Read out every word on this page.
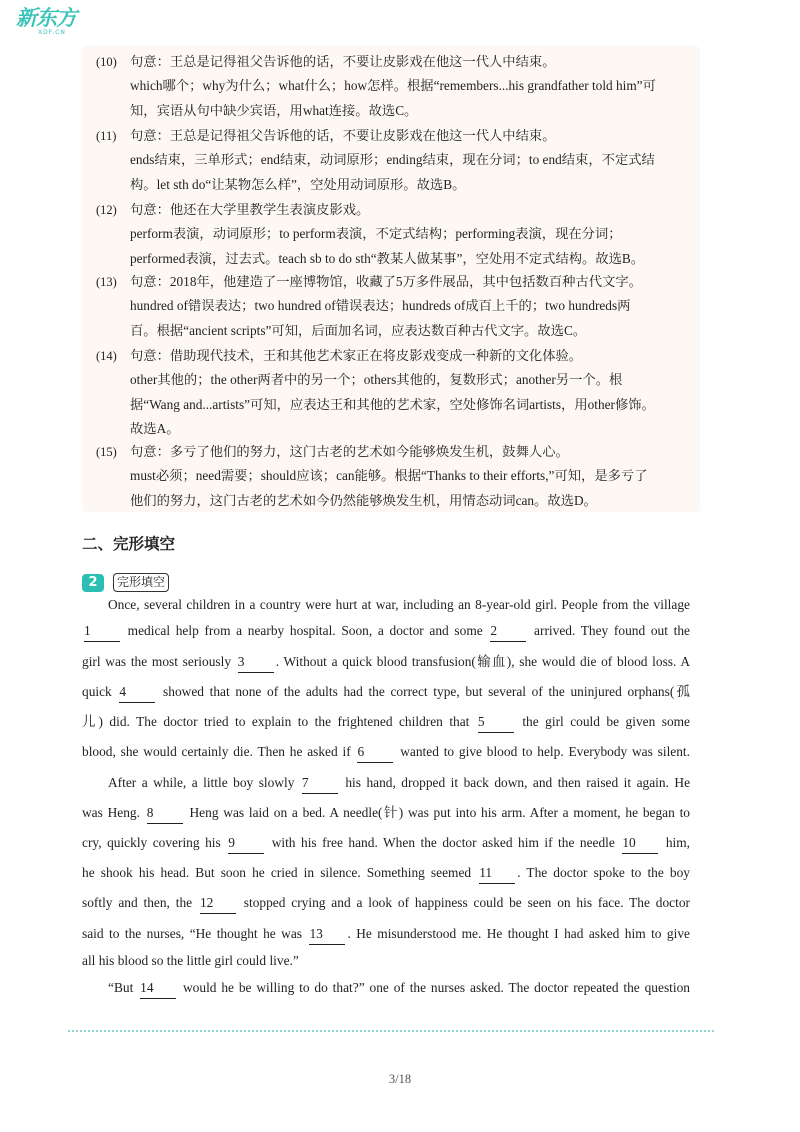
新东方
XDF.CN
(10) 句意：王总是记得祖父告诉他的话，不要让皮影戏在他这一代人中结束。
which哪个；why为什么；what什么；how怎样。根据“remembers...his grandfather told him”可
知，宾语从句中缺少宾语，用what连接。故选C。
(11)	句意：王总是记得祖父告诉他的话，不要让皮影戏在他这一代人中结束。
ends结束，三单形式；end结束，动词原形；ending结束，现在分词；to end结束，不定式结
构。let sth do“让某物怎么样”，空处用动词原形。故选B。
(12) 句意：他还在大学里教学生表演皮影戏。
perform表演，动词原形；to perform表演，不定式结构；performing表演，现在分词；
performed表演，过去式。teach sb to do sth“教某人做某事”，空处用不定式结构。故选B。
(13) 句意：2018年，他建造了一座博物馆，收藏了5万多件展品，其中包括数百种古代文字。
hundred of错误表达；two hundred of错误表达；hundreds of成百上千的；two hundreds两
百。根据“ancient scripts”可知，后面加名词，应表达数百种古代文字。故选C。
(14) 句意：借助现代技术，王和其他艺术家正在将皮影戏变成一种新的文化体验。
other其他的；the other两者中的另一个；others其他的，复数形式；another另一个。根
据“Wang and...artists”可知，应表达王和其他的艺术家，空处修饰名词artists，用other修饰。
故选A。
(15) 句意：多亏了他们的努力，这门古老的艺术如今能够焕发生机，鼓舞人心。
must必须；need需要；should应该；can能够。根据“Thanks to their efforts,”可知，是多亏了
他们的努力，这门古老的艺术如今仍然能够焕发生机，用情态动词can。故选D。
二、完形填空
2	完形填空
Once, several children in a country were hurt at war, including an 8-year-old girl. People from the village
1 medical help from a nearby hospital. Soon, a doctor and some 2 arrived. They found out the
girl was the most seriously 3 . Without a quick blood transfusion(输血), she would die of blood loss. A
quick 4 showed that none of the adults had the correct type, but several of the uninjured orphans(孤
儿) did. The doctor tried to explain to the frightened children that 5 the girl could be given some
blood, she would certainly die. Then he asked if 6 wanted to give blood to help. Everybody was silent.
After a while, a little boy slowly 7 his hand, dropped it back down, and then raised it again. He
was Heng. 8 Heng was laid on a bed. A needle(针) was put into his arm. After a moment, he began to
cry, quickly covering his 9 with his free hand. When the doctor asked him if the needle 10 him,
he shook his head. But soon he cried in silence. Something seemed 11 . The doctor spoke to the boy
softly and then, the 12 stopped crying and a look of happiness could be seen on his face. The doctor
said to the nurses, “He thought he was 13 . He misunderstood me. He thought I had asked him to give
all his blood so the little girl could live.”
“But 14 would he be willing to do that?” one of the nurses asked. The doctor repeated the question
3/18
